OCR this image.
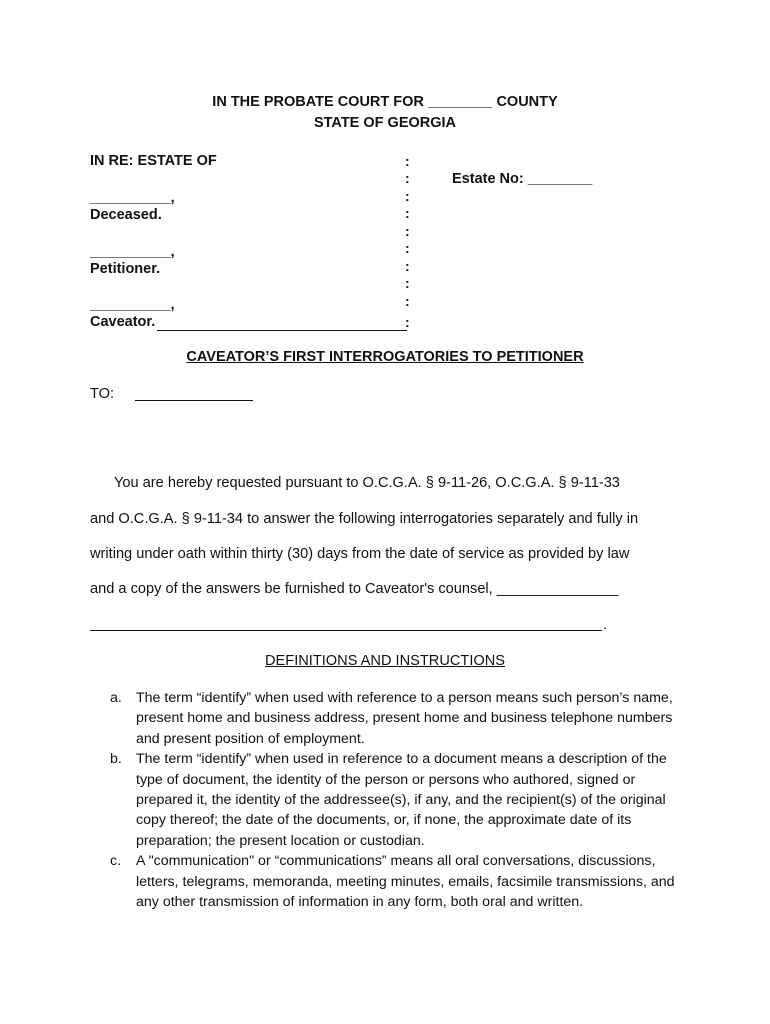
IN THE PROBATE COURT FOR ________ COUNTY
STATE OF GEORGIA
IN RE: ESTATE OF
__________,
Deceased.
__________,
Petitioner.
__________,
Caveator.
:
:
:
:
:
:
:
:
:
:
Estate No: ________
CAVEATOR’S FIRST INTERROGATORIES TO PETITIONER
TO:
You are hereby requested pursuant to O.C.G.A. § 9-11-26, O.C.G.A. § 9-11-33
and O.C.G.A. § 9-11-34 to answer the following interrogatories separately and fully in
writing under oath within thirty (30) days from the date of service as provided by law
and a copy of the answers be furnished to Caveator's counsel, _______________
.
DEFINITIONS AND INSTRUCTIONS
a. The term “identify” when used with reference to a person means such person’s name, present home and business address, present home and business telephone numbers and present position of employment.
b. The term “identify” when used in reference to a document means a description of the type of document, the identity of the person or persons who authored, signed or prepared it, the identity of the addressee(s), if any, and the recipient(s) of the original copy thereof; the date of the documents, or, if none, the approximate date of its preparation; the present location or custodian.
c.	A "communication" or “communications” means all oral conversations, discussions, letters, telegrams, memoranda, meeting minutes, emails, facsimile transmissions, and any other transmission of information in any form, both oral and written.
